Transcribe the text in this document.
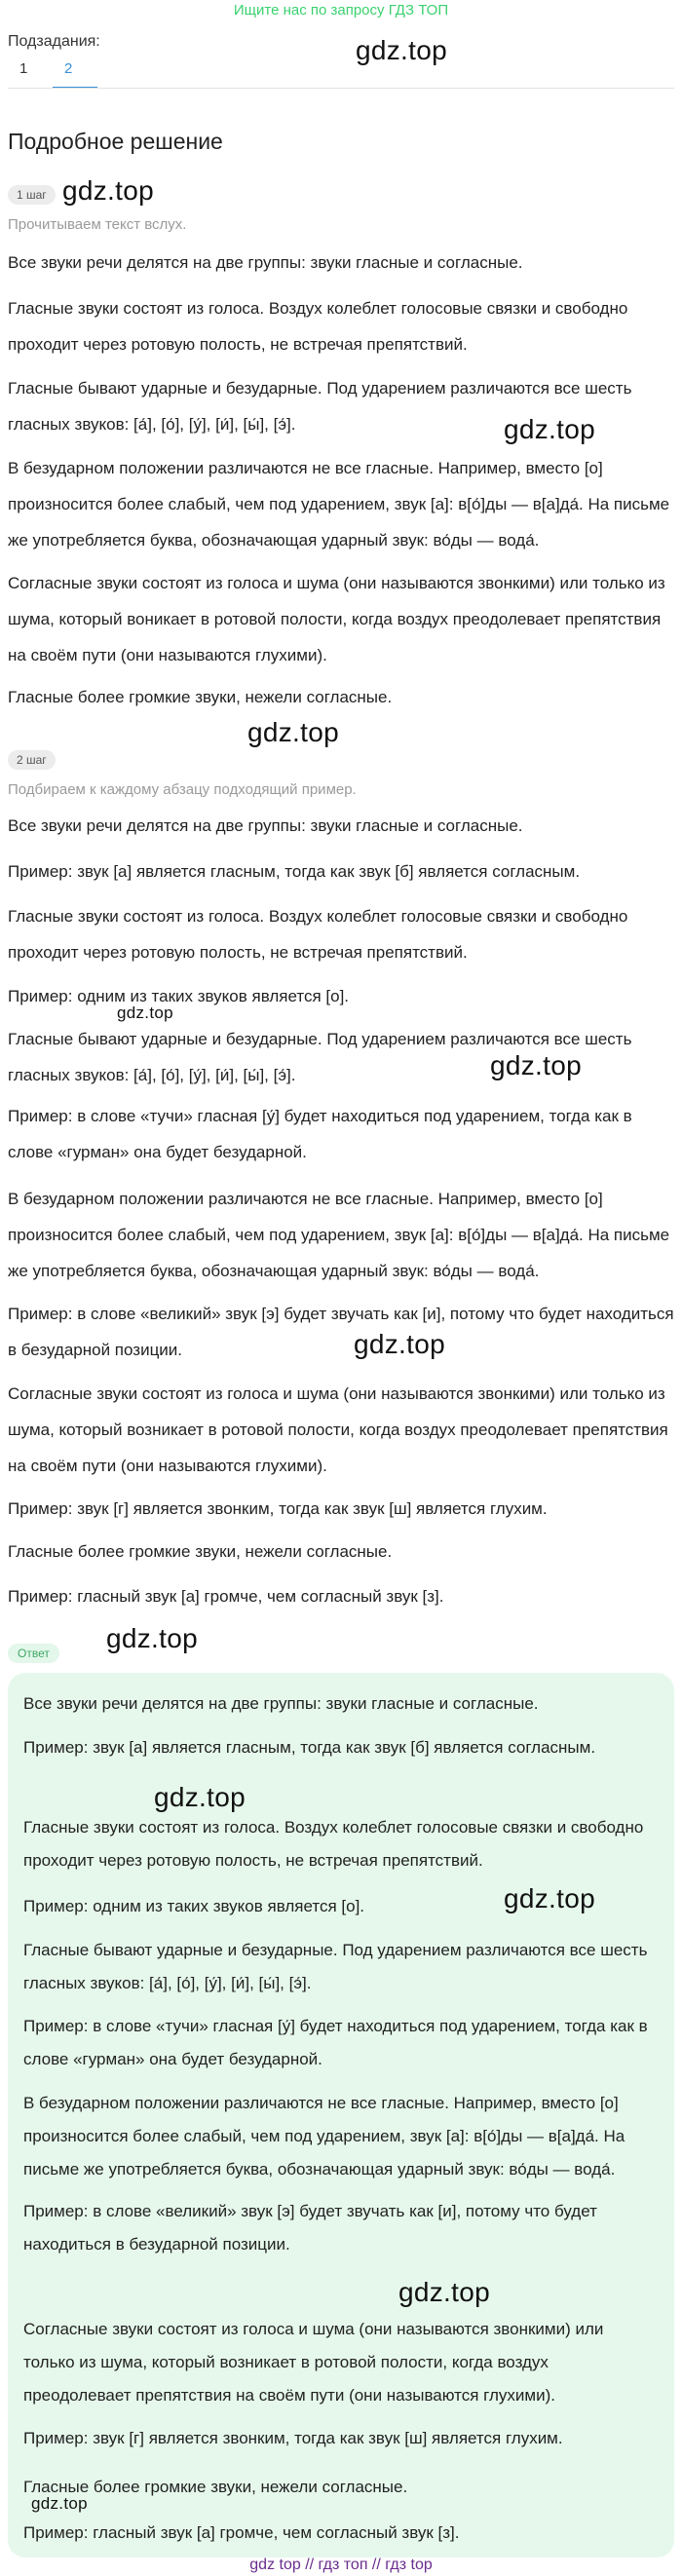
Ищите нас по запросу ГДЗ ТОП
Подзадания:
1	2
gdz.top
Подробное решение
1 шаг gdz.top
Прочитываем текст вслух.
Все звуки речи делятся на две группы: звуки гласные и согласные.
Гласные звуки состоят из голоса. Воздух колеблет голосовые связки и свободно проходит через ротовую полость, не встречая препятствий.
Гласные бывают ударные и безударные. Под ударением различаются все шесть гласных звуков: [а́], [о́], [у́], [и́], [ы́], [э́].	gdz.top
В безударном положении различаются не все гласные. Например, вместо [о] произносится более слабый, чем под ударением, звук [а]: в[о́]ды — в[а]да́. На письме же употребляется буква, обозначающая ударный звук: во́ды — вода́.
Согласные звуки состоят из голоса и шума (они называются звонкими) или только из шума, который воникает в ротовой полости, когда воздух преодолевает препятствия на своём пути (они называются глухими).
Гласные более громкие звуки, нежели согласные.
gdz.top
2 шаг
Подбираем к каждому абзацу подходящий пример.
Все звуки речи делятся на две группы: звуки гласные и согласные.
Пример: звук [а] является гласным, тогда как звук [б] является согласным.
Гласные звуки состоят из голоса. Воздух колеблет голосовые связки и свободно проходит через ротовую полость, не встречая препятствий.
Пример: одним из таких звуков является [о].
gdz.top
Гласные бывают ударные и безударные. Под ударением различаются все шесть гласных звуков: [а́], [о́], [у́], [и́], [ы́], [э́].	gdz.top
Пример: в слове «тучи» гласная [у́] будет находиться под ударением, тогда как в слове «гурман» она будет безударной.
В безударном положении различаются не все гласные. Например, вместо [о] произносится более слабый, чем под ударением, звук [а]: в[о́]ды — в[а]да́. На письме же употребляется буква, обозначающая ударный звук: во́ды — вода́.
Пример: в слове «великий» звук [э] будет звучать как [и], потому что будет находиться в безударной позиции.	gdz.top
Согласные звуки состоят из голоса и шума (они называются звонкими) или только из шума, который возникает в ротовой полости, когда воздух преодолевает препятствия на своём пути (они называются глухими).
Пример: звук [г] является звонким, тогда как звук [ш] является глухим.
Гласные более громкие звуки, нежели согласные.
Пример: гласный звук [а] громче, чем согласный звук [з].
Ответ	gdz.top
Все звуки речи делятся на две группы: звуки гласные и согласные.
Пример: звук [а] является гласным, тогда как звук [б] является согласным.
gdz.top
Гласные звуки состоят из голоса. Воздух колеблет голосовые связки и свободно проходит через ротовую полость, не встречая препятствий.
gdz.top
Пример: одним из таких звуков является [о].
Гласные бывают ударные и безударные. Под ударением различаются все шесть гласных звуков: [а́], [о́], [у́], [и́], [ы́], [э́].
Пример: в слове «тучи» гласная [у́] будет находиться под ударением, тогда как в слове «гурман» она будет безударной.
В безударном положении различаются не все гласные. Например, вместо [о] произносится более слабый, чем под ударением, звук [а]: в[о́]ды — в[а]да́. На письме же употребляется буква, обозначающая ударный звук: во́ды — вода́.
Пример: в слове «великий» звук [э] будет звучать как [и], потому что будет находиться в безударной позиции.
gdz.top
Согласные звуки состоят из голоса и шума (они называются звонкими) или только из шума, который возникает в ротовой полости, когда воздух преодолевает препятствия на своём пути (они называются глухими).
Пример: звук [г] является звонким, тогда как звук [ш] является глухим.
Гласные более громкие звуки, нежели согласные.
gdz.top
Пример: гласный звук [а] громче, чем согласный звук [з].
gdz top // гдз топ // гдз top
